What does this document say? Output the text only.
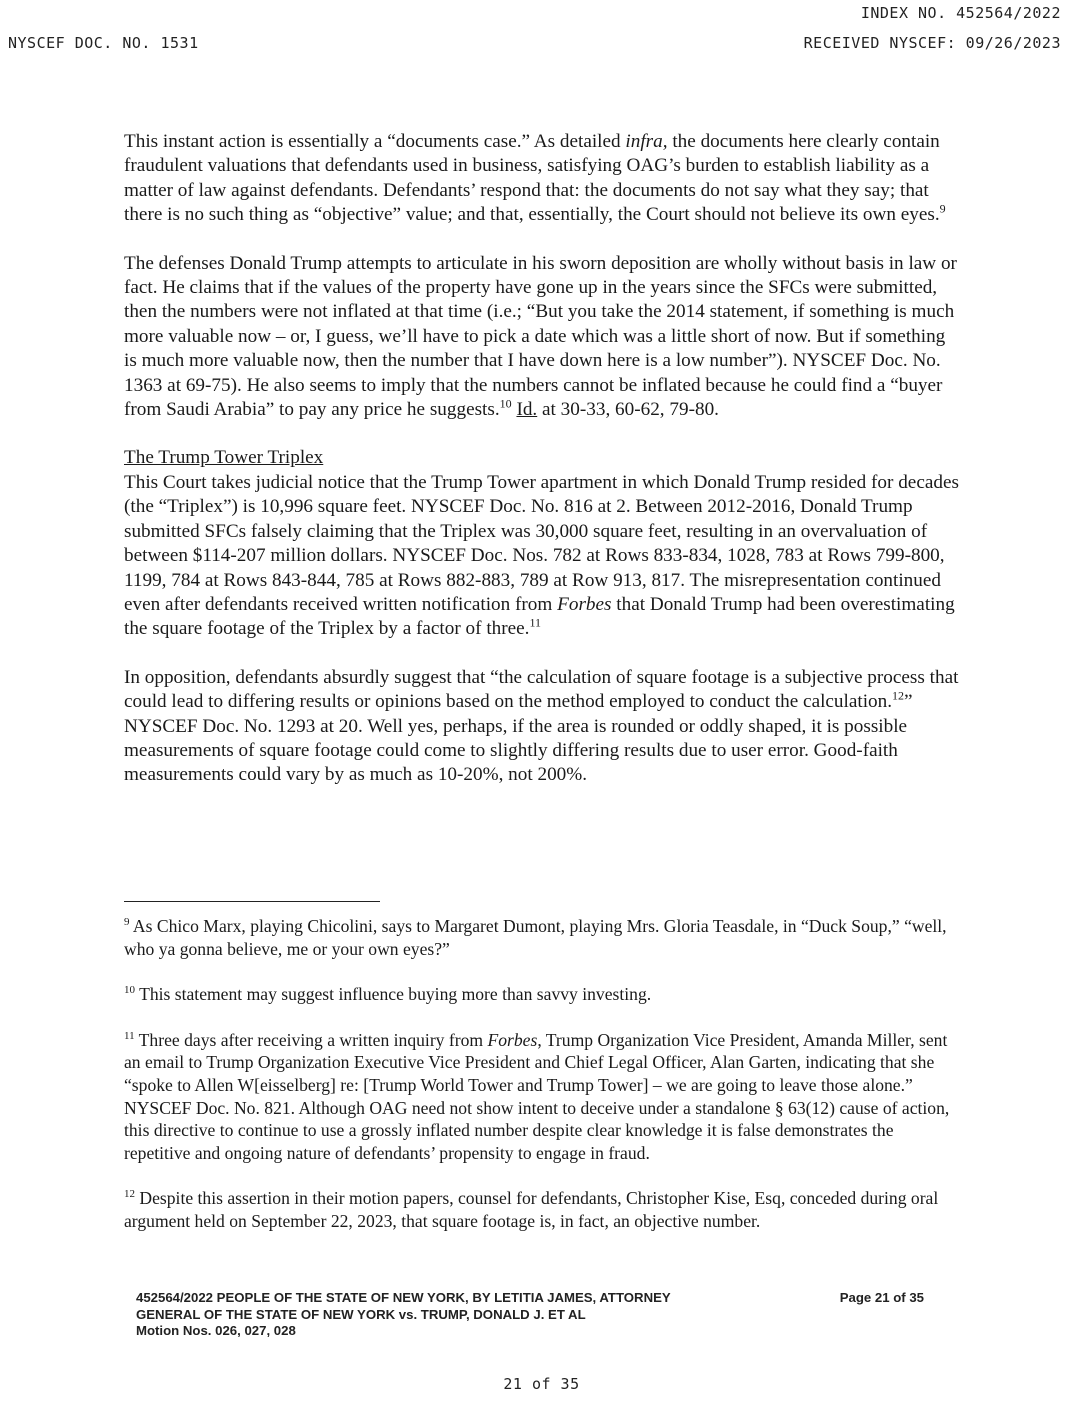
INDEX NO. 452564/2022
NYSCEF DOC. NO. 1531	RECEIVED NYSCEF: 09/26/2023

This instant action is essentially a “documents case.” As detailed infra, the documents here clearly contain fraudulent valuations that defendants used in business, satisfying OAG’s burden to establish liability as a matter of law against defendants. Defendants’ respond that: the documents do not say what they say; that there is no such thing as “objective” value; and that, essentially, the Court should not believe its own eyes.$^9$

The defenses Donald Trump attempts to articulate in his sworn deposition are wholly without basis in law or fact. He claims that if the values of the property have gone up in the years since the SFCs were submitted, then the numbers were not inflated at that time (i.e.; “But you take the 2014 statement, if something is much more valuable now – or, I guess, we’ll have to pick a date which was a little short of now. But if something is much more valuable now, then the number that I have down here is a low number”). NYSCEF Doc. No. 1363 at 69-75). He also seems to imply that the numbers cannot be inflated because he could find a “buyer from Saudi Arabia” to pay any price he suggests.$^{10}$ Id. at 30-33, 60-62, 79-80.

The Trump Tower Triplex
This Court takes judicial notice that the Trump Tower apartment in which Donald Trump resided for decades (the “Triplex”) is 10,996 square feet. NYSCEF Doc. No. 816 at 2. Between 2012-2016, Donald Trump submitted SFCs falsely claiming that the Triplex was 30,000 square feet, resulting in an overvaluation of between $114-207 million dollars. NYSCEF Doc. Nos. 782 at Rows 833-834, 1028, 783 at Rows 799-800, 1199, 784 at Rows 843-844, 785 at Rows 882-883, 789 at Row 913, 817. The misrepresentation continued even after defendants received written notification from Forbes that Donald Trump had been overestimating the square footage of the Triplex by a factor of three.$^{11}$

In opposition, defendants absurdly suggest that “the calculation of square footage is a subjective process that could lead to differing results or opinions based on the method employed to conduct the calculation.$^{12}$” NYSCEF Doc. No. 1293 at 20. Well yes, perhaps, if the area is rounded or oddly shaped, it is possible measurements of square footage could come to slightly differing results due to user error. Good-faith measurements could vary by as much as 10-20%, not 200%.

$^9$ As Chico Marx, playing Chicolini, says to Margaret Dumont, playing Mrs. Gloria Teasdale, in “Duck Soup,” “well, who ya gonna believe, me or your own eyes?”

$^{10}$ This statement may suggest influence buying more than savvy investing.

$^{11}$ Three days after receiving a written inquiry from Forbes, Trump Organization Vice President, Amanda Miller, sent an email to Trump Organization Executive Vice President and Chief Legal Officer, Alan Garten, indicating that she “spoke to Allen W[eisselberg] re: [Trump World Tower and Trump Tower] – we are going to leave those alone.” NYSCEF Doc. No. 821. Although OAG need not show intent to deceive under a standalone § 63(12) cause of action, this directive to continue to use a grossly inflated number despite clear knowledge it is false demonstrates the repetitive and ongoing nature of defendants’ propensity to engage in fraud.

$^{12}$ Despite this assertion in their motion papers, counsel for defendants, Christopher Kise, Esq, conceded during oral argument held on September 22, 2023, that square footage is, in fact, an objective number.

452564/2022 PEOPLE OF THE STATE OF NEW YORK, BY LETITIA JAMES, ATTORNEY
GENERAL OF THE STATE OF NEW YORK vs. TRUMP, DONALD J. ET AL
Motion Nos. 026, 027, 028
Page 21 of 35
21 of 35
